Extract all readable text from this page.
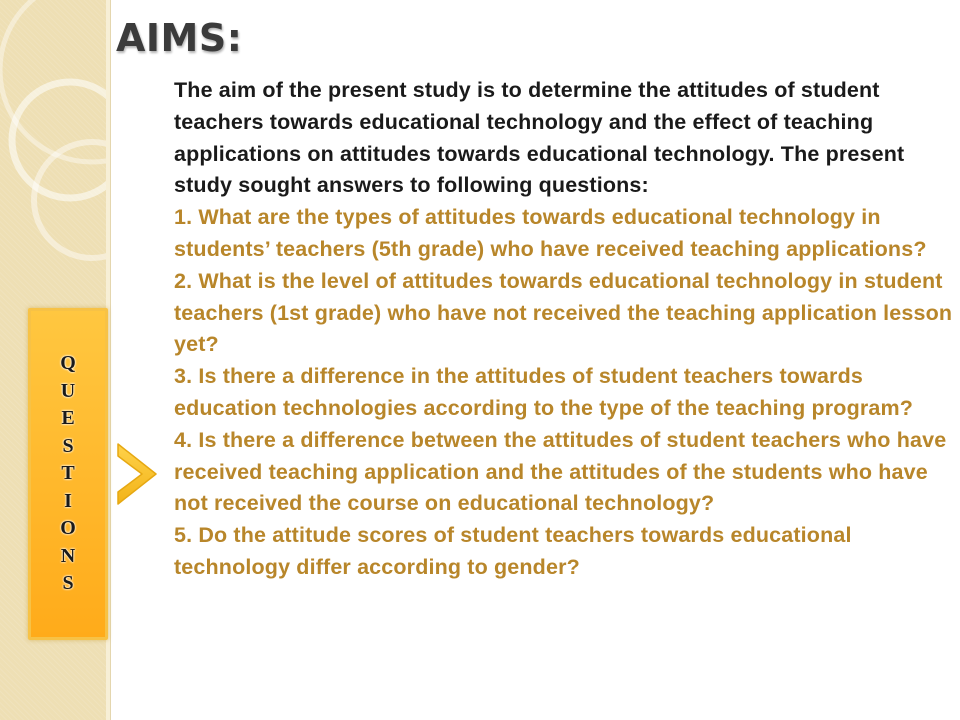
AIMS:

The aim of the present study is to determine the attitudes of student teachers towards educational technology and the effect of teaching applications on attitudes towards educational technology. The present study sought answers to following questions:

1. What are the types of attitudes towards educational technology in students’ teachers (5th grade) who have received teaching applications?

2. What is the level of attitudes towards educational technology in student teachers (1st grade) who have not received the teaching application lesson yet?

3. Is there a difference in the attitudes of student teachers towards education technologies according to the type of the teaching program?

4. Is there a difference between the attitudes of student teachers who have received teaching application and the attitudes of the students who have not received the course on educational technology?

5. Do the attitude scores of student teachers towards educational technology differ according to gender?

Q
U
E
S
T
I
O
N
S
